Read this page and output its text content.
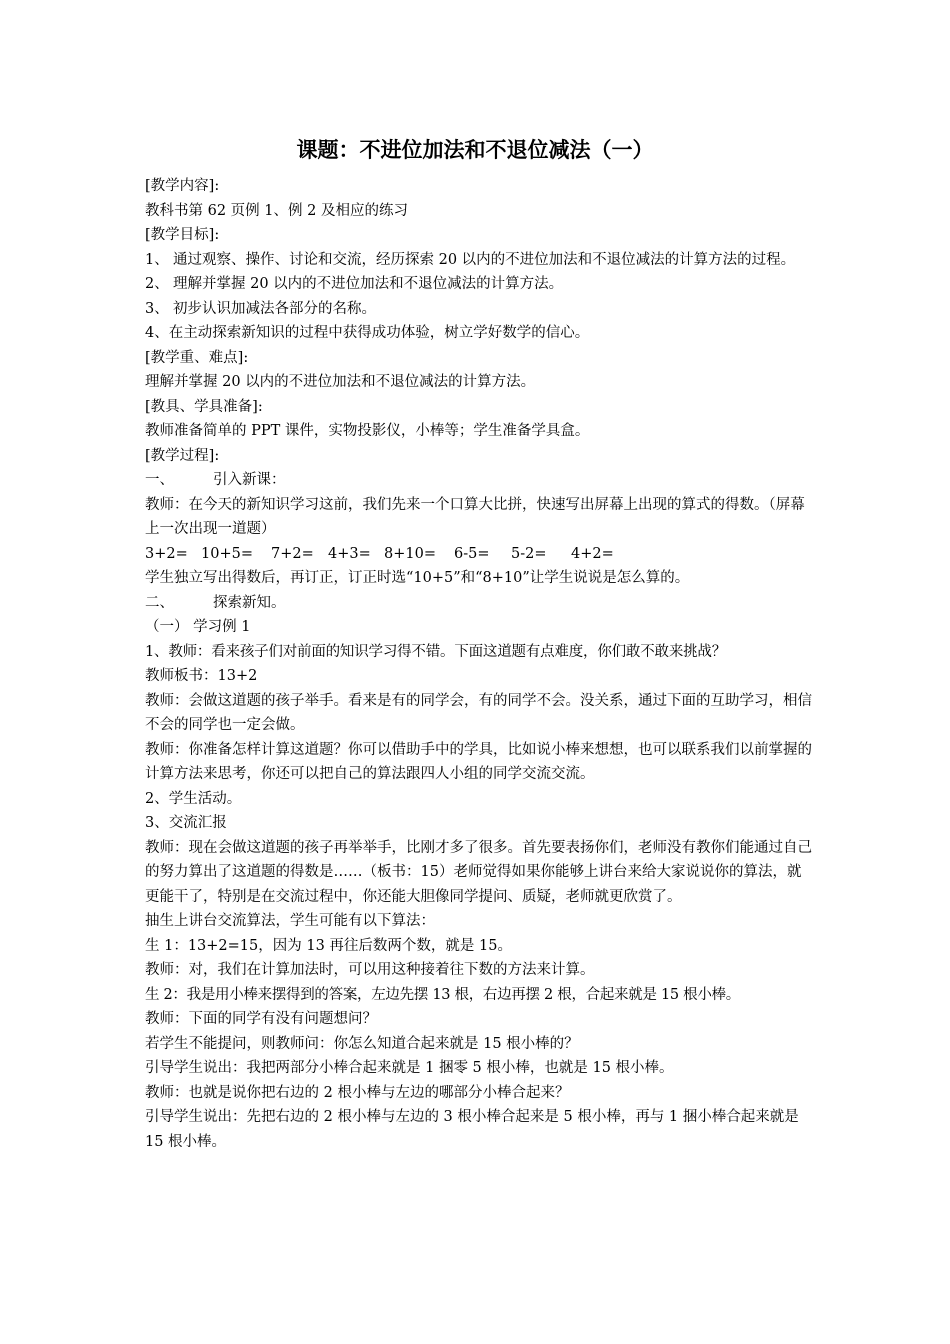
课题：不进位加法和不退位减法（一）
[教学内容]:
教科书第 62 页例 1、例 2 及相应的练习
[教学目标]:
1、 通过观察、操作、讨论和交流，经历探索 20 以内的不进位加法和不退位减法的计算方法的过程。
2、 理解并掌握 20 以内的不进位加法和不退位减法的计算方法。
3、 初步认识加减法各部分的名称。
4、在主动探索新知识的过程中获得成功体验，树立学好数学的信心。
[教学重、难点]:
理解并掌握 20 以内的不进位加法和不退位减法的计算方法。
[教具、学具准备]:
教师准备简单的 PPT 课件，实物投影仪，小棒等；学生准备学具盒。
[教学过程]:
一、	引入新课：
教师：在今天的新知识学习这前，我们先来一个口算大比拼，快速写出屏幕上出现的算式的得数。（屏幕上一次出现一道题）
3+2= 10+5= 7+2= 4+3= 8+10= 6-5= 5-2= 4+2=
学生独立写出得数后，再订正，订正时选“10+5”和“8+10”让学生说说是怎么算的。
二、	探索新知。
（一） 学习例 1
1、教师：看来孩子们对前面的知识学习得不错。下面这道题有点难度，你们敢不敢来挑战？
教师板书：13+2
教师：会做这道题的孩子举手。看来是有的同学会，有的同学不会。没关系，通过下面的互助学习，相信不会的同学也一定会做。
教师：你准备怎样计算这道题？你可以借助手中的学具，比如说小棒来想想，也可以联系我们以前掌握的计算方法来思考，你还可以把自己的算法跟四人小组的同学交流交流。
2、学生活动。
3、交流汇报
教师：现在会做这道题的孩子再举举手，比刚才多了很多。首先要表扬你们，老师没有教你们能通过自己的努力算出了这道题的得数是……（板书：15）老师觉得如果你能够上讲台来给大家说说你的算法，就更能干了，特别是在交流过程中，你还能大胆像同学提问、质疑，老师就更欣赏了。
抽生上讲台交流算法，学生可能有以下算法：
生 1：13+2=15，因为 13 再往后数两个数，就是 15。
教师：对，我们在计算加法时，可以用这种接着往下数的方法来计算。
生 2：我是用小棒来摆得到的答案，左边先摆 13 根，右边再摆 2 根，合起来就是 15 根小棒。
教师：下面的同学有没有问题想问？
若学生不能提问，则教师问：你怎么知道合起来就是 15 根小棒的？
引导学生说出：我把两部分小棒合起来就是 1 捆零 5 根小棒，也就是 15 根小棒。
教师：也就是说你把右边的 2 根小棒与左边的哪部分小棒合起来？
引导学生说出：先把右边的 2 根小棒与左边的 3 根小棒合起来是 5 根小棒，再与 1 捆小棒合起来就是 15 根小棒。
